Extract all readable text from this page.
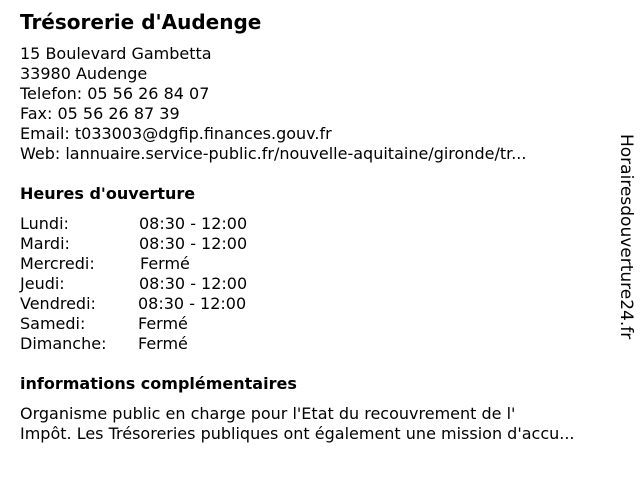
Trésorerie d'Audenge
15 Boulevard Gambetta
33980 Audenge
Telefon: 05 56 26 84 07
Fax: 05 56 26 87 39
Email: t033003@dgfip.finances.gouv.fr
Web: lannuaire.service-public.fr/nouvelle-aquitaine/gironde/tr...
Heures d'ouverture
Lundi:	08:30 - 12:00
Mardi:	08:30 - 12:00
Mercredi:	Fermé
Jeudi:	08:30 - 12:00
Vendredi:	08:30 - 12:00
Samedi:	Fermé
Dimanche: Fermé
informations complémentaires
Organisme public en charge pour l'Etat du recouvrement de l'
Impôt. Les Trésoreries publiques ont également une mission d'accu...
Horairesdouverture24.fr
